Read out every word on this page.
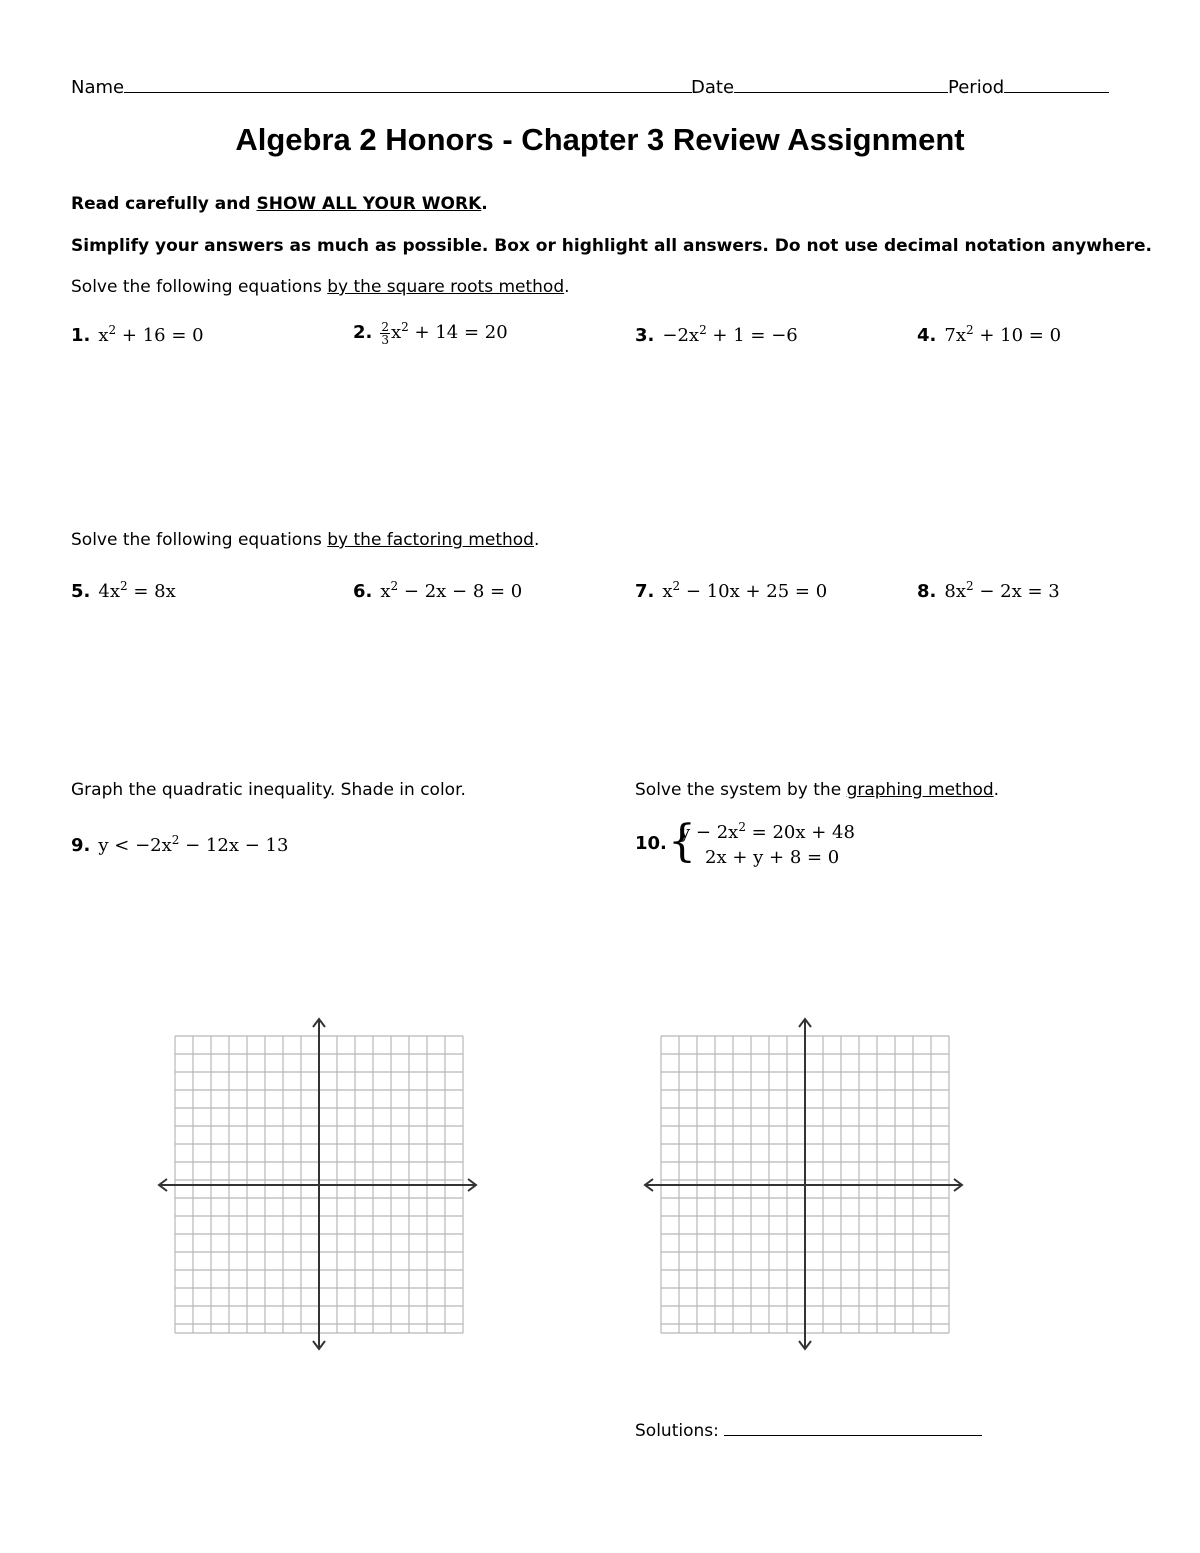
Name	Date	Period
Algebra 2 Honors - Chapter 3 Review Assignment
Read carefully and SHOW ALL YOUR WORK.
Simplify your answers as much as possible. Box or highlight all answers. Do not use decimal notation anywhere.
Solve the following equations by the square roots method.
1. $x^2 + 16 = 0$	2. $\frac{2}{3} x^2 + 14 = 20$	3. $-2x^2 + 1 = -6$	4. $7x^2 + 10 = 0$
Solve the following equations by the factoring method.
5. $4x^2 = 8x$	6. $x^2 - 2x - 8 = 0$	7. $x^2 - 10x + 25 = 0$	8. $8x^2 - 2x = 3$
Graph the quadratic inequality. Shade in color.	Solve the system by the graphing method.
9. $y < -2x^2 - 12x - 13$	10. {
$y - 2x^2 = 20x + 48$
2x + y + 8 = 0
Solutions:
